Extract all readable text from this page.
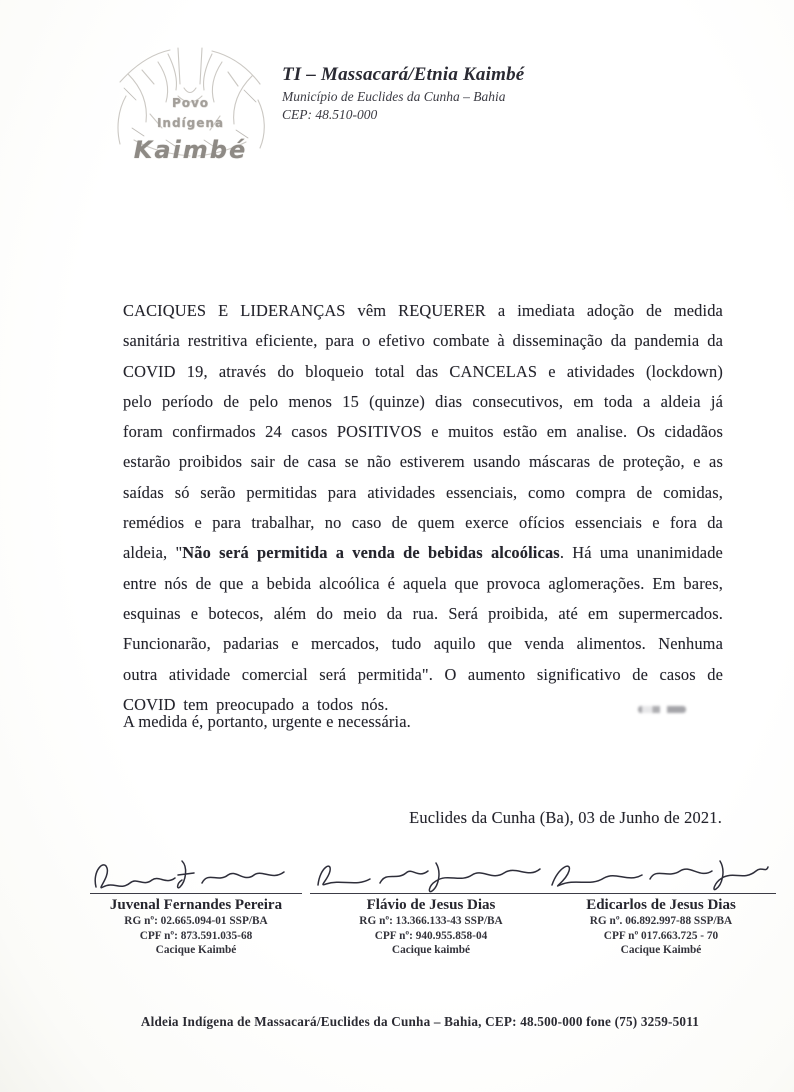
Povo
Indígena
Kaimbé
TI – Massacará/Etnia Kaimbé
Município de Euclides da Cunha – Bahia
CEP: 48.510-000
CACIQUES E LIDERANÇAS vêm REQUERER a imediata adoção de medida sanitária restritiva eficiente, para o efetivo combate à disseminação da pandemia da COVID 19, através do bloqueio total das CANCELAS e atividades (lockdown) pelo período de pelo menos 15 (quinze) dias consecutivos, em toda a aldeia já foram confirmados 24 casos POSITIVOS e muitos estão em analise. Os cidadãos estarão proibidos sair de casa se não estiverem usando máscaras de proteção, e as saídas só serão permitidas para atividades essenciais, como compra de comidas, remédios e para trabalhar, no caso de quem exerce ofícios essenciais e fora da aldeia, "Não será permitida a venda de bebidas alcoólicas. Há uma unanimidade entre nós de que a bebida alcoólica é aquela que provoca aglomerações. Em bares, esquinas e botecos, além do meio da rua. Será proibida, até em supermercados. Funcionarão, padarias e mercados, tudo aquilo que venda alimentos. Nenhuma outra atividade comercial será permitida". O aumento significativo de casos de COVID tem preocupado a todos nós.
A medida é, portanto, urgente e necessária.
Euclides da Cunha (Ba), 03 de Junho de 2021.
Juvenal Fernandes Pereira
RG nº: 02.665.094-01 SSP/BA
CPF nº: 873.591.035-68
Cacique Kaimbé
Flávio de Jesus Dias
RG nº: 13.366.133-43 SSP/BA
CPF nº: 940.955.858-04
Cacique kaimbé
Edicarlos de Jesus Dias
RG nº. 06.892.997-88 SSP/BA
CPF nº 017.663.725 - 70
Cacique Kaimbé
Aldeia Indígena de Massacará/Euclides da Cunha – Bahia, CEP: 48.500-000 fone (75) 3259-5011
